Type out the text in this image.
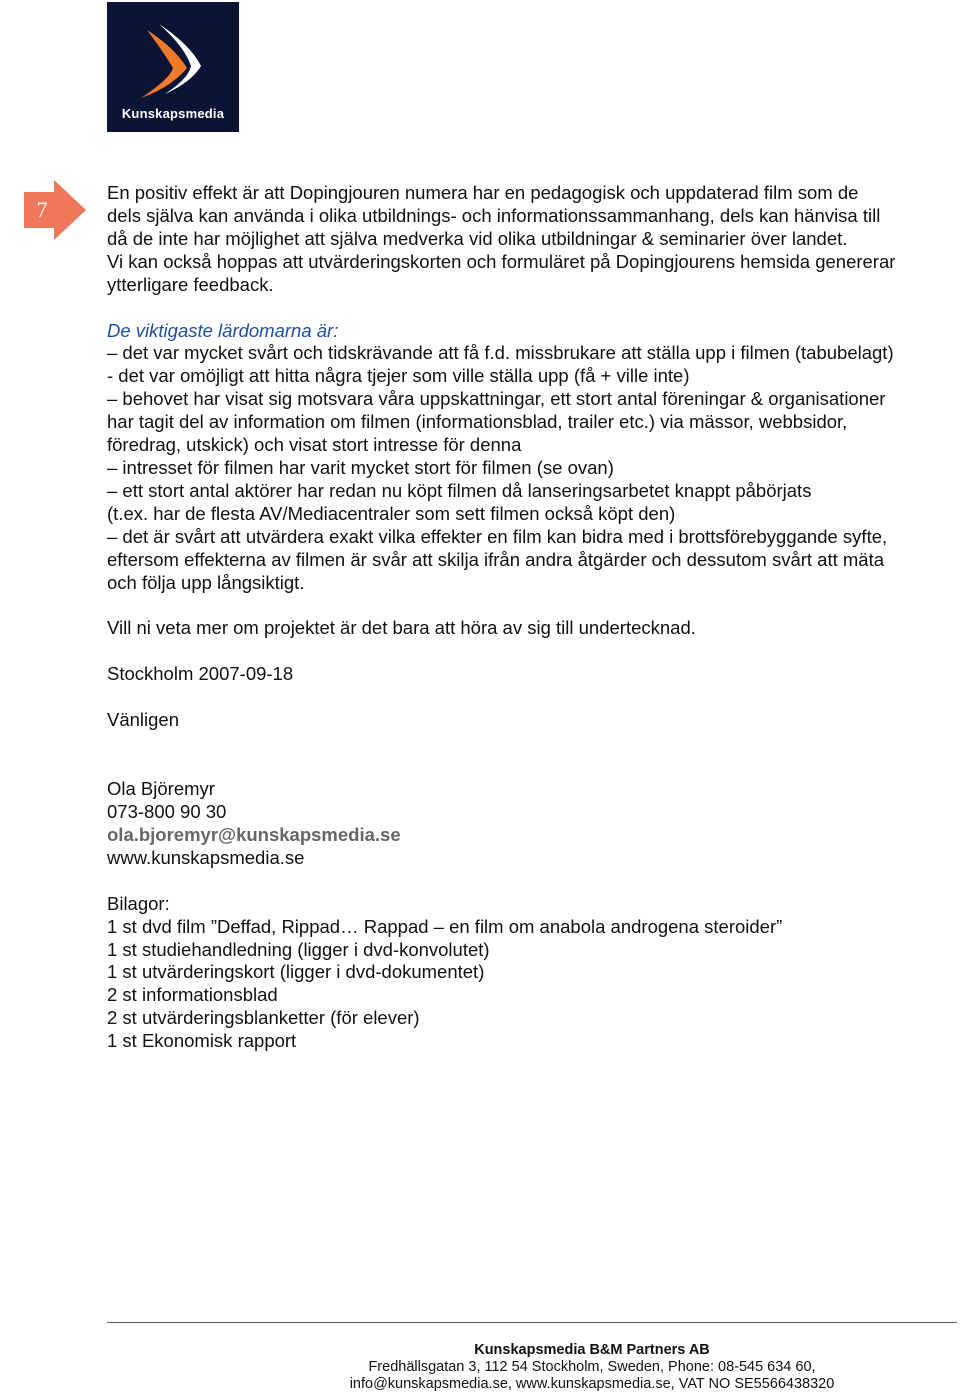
Kunskapsmedia
7

En positiv effekt är att Dopingjouren numera har en pedagogisk och uppdaterad film som de

dels själva kan använda i olika utbildnings- och informationssammanhang, dels kan hänvisa till

då de inte har möjlighet att själva medverka vid olika utbildningar & seminarier över landet.

Vi kan också hoppas att utvärderingskorten och formuläret på Dopingjourens hemsida genererar

ytterligare feedback.

De viktigaste lärdomarna är:

– det var mycket svårt och tidskrävande att få f.d. missbrukare att ställa upp i filmen (tabubelagt)

- det var omöjligt att hitta några tjejer som ville ställa upp (få + ville inte)

– behovet har visat sig motsvara våra uppskattningar, ett stort antal föreningar & organisationer

har tagit del av information om filmen (informationsblad, trailer etc.) via mässor, webbsidor,

föredrag, utskick) och visat stort intresse för denna

– intresset för filmen har varit mycket stort för filmen (se ovan)

– ett stort antal aktörer har redan nu köpt filmen då lanseringsarbetet knappt påbörjats

(t.ex. har de flesta AV/Mediacentraler som sett filmen också köpt den)

– det är svårt att utvärdera exakt vilka effekter en film kan bidra med i brottsförebyggande syfte,

eftersom effekterna av filmen är svår att skilja ifrån andra åtgärder och dessutom svårt att mäta

och följa upp långsiktigt.

Vill ni veta mer om projektet är det bara att höra av sig till undertecknad.

Stockholm 2007-09-18

Vänligen

Ola Björemyr

073-800 90 30

ola.bjoremyr@kunskapsmedia.se

www.kunskapsmedia.se

Bilagor:

1 st dvd film ”Deffad, Rippad… Rappad – en film om anabola androgena steroider”

1 st studiehandledning (ligger i dvd-konvolutet)

1 st utvärderingskort (ligger i dvd-dokumentet)

2 st informationsblad

2 st utvärderingsblanketter (för elever)

1 st Ekonomisk rapport

Kunskapsmedia B&M Partners AB
Fredhällsgatan 3, 112 54 Stockholm, Sweden, Phone: 08-545 634 60,
info@kunskapsmedia.se, www.kunskapsmedia.se, VAT NO SE5566438320
